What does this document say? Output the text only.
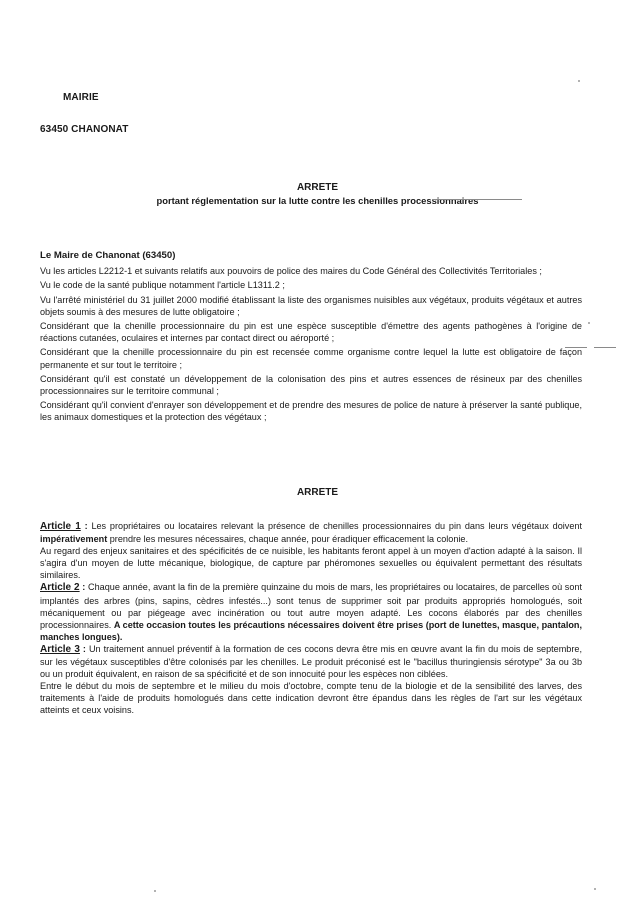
MAIRIE
63450 CHANONAT
ARRETE
portant réglementation sur la lutte contre les chenilles processionnaires

Le Maire de Chanonat (63450)

Vu les articles L2212-1 et suivants relatifs aux pouvoirs de police des maires du Code Général des Collectivités Territoriales ;

Vu le code de la santé publique notamment l'article L1311.2 ;

Vu l'arrêté ministériel du 31 juillet 2000 modifié établissant la liste des organismes nuisibles aux végétaux, produits végétaux et autres objets soumis à des mesures de lutte obligatoire ;

Considérant que la chenille processionnaire du pin est une espèce susceptible d'émettre des agents pathogènes à l'origine de réactions cutanées, oculaires et internes par contact direct ou aéroporté ;

Considérant que la chenille processionnaire du pin est recensée comme organisme contre lequel la lutte est obligatoire de façon permanente et sur tout le territoire ;

Considérant qu'il est constaté un développement de la colonisation des pins et autres essences de résineux par des chenilles processionnaires sur le territoire communal ;

Considérant qu'il convient d'enrayer son développement et de prendre des mesures de police de nature à préserver la santé publique, les animaux domestiques et la protection des végétaux ;

ARRETE

Article 1 : Les propriétaires ou locataires relevant la présence de chenilles processionnaires du pin dans leurs végétaux doivent impérativement prendre les mesures nécessaires, chaque année, pour éradiquer efficacement la colonie.

Au regard des enjeux sanitaires et des spécificités de ce nuisible, les habitants feront appel à un moyen d'action adapté à la saison. Il s'agira d'un moyen de lutte mécanique, biologique, de capture par phéromones sexuelles ou équivalent permettant des résultats similaires.

Article 2 : Chaque année, avant la fin de la première quinzaine du mois de mars, les propriétaires ou locataires, de parcelles où sont implantés des arbres (pins, sapins, cèdres infestés...) sont tenus de supprimer soit par produits appropriés homologués, soit mécaniquement ou par piégeage avec incinération ou tout autre moyen adapté. Les cocons élaborés par des chenilles processionnaires. A cette occasion toutes les précautions nécessaires doivent être prises (port de lunettes, masque, pantalon, manches longues).

Article 3 : Un traitement annuel préventif à la formation de ces cocons devra être mis en œuvre avant la fin du mois de septembre, sur les végétaux susceptibles d'être colonisés par les chenilles. Le produit préconisé est le "bacillus thuringiensis sérotype" 3a ou 3b ou un produit équivalent, en raison de sa spécificité et de son innocuité pour les espèces non ciblées.

Entre le début du mois de septembre et le milieu du mois d'octobre, compte tenu de la biologie et de la sensibilité des larves, des traitements à l'aide de produits homologués dans cette indication devront être épandus dans les règles de l'art sur les végétaux atteints et ceux voisins.
